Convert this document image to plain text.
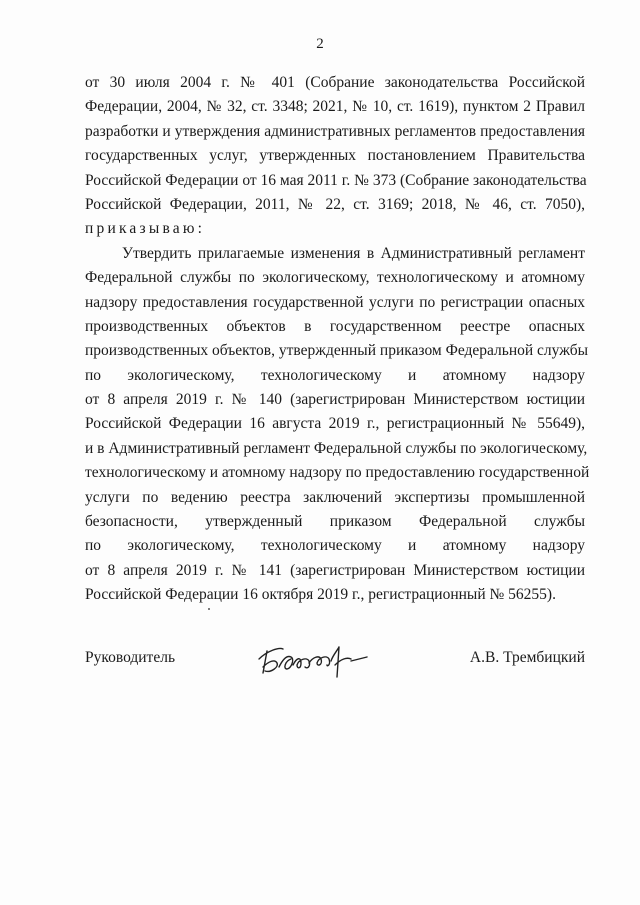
2
от 30 июля 2004 г. № 401 (Собрание законодательства Российской
Федерации, 2004, № 32, ст. 3348; 2021, № 10, ст. 1619), пунктом 2 Правил
разработки и утверждения административных регламентов предоставления
государственных услуг, утвержденных постановлением Правительства
Российской Федерации от 16 мая 2011 г. № 373 (Собрание законодательства
Российской Федерации, 2011, № 22, ст. 3169; 2018, № 46, ст. 7050),
приказываю:
Утвердить прилагаемые изменения в Административный регламент
Федеральной службы по экологическому, технологическому и атомному
надзору предоставления государственной услуги по регистрации опасных
производственных объектов в государственном реестре опасных
производственных объектов, утвержденный приказом Федеральной службы
по экологическому, технологическому и атомному надзору
от 8 апреля 2019 г. № 140 (зарегистрирован Министерством юстиции
Российской Федерации 16 августа 2019 г., регистрационный № 55649),
и в Административный регламент Федеральной службы по экологическому,
технологическому и атомному надзору по предоставлению государственной
услуги по ведению реестра заключений экспертизы промышленной
безопасности, утвержденный приказом Федеральной службы
по экологическому, технологическому и атомному надзору
от 8 апреля 2019 г. № 141 (зарегистрирован Министерством юстиции
Российской Федерации 16 октября 2019 г., регистрационный № 56255).
Руководитель	А.В. Трембицкий
